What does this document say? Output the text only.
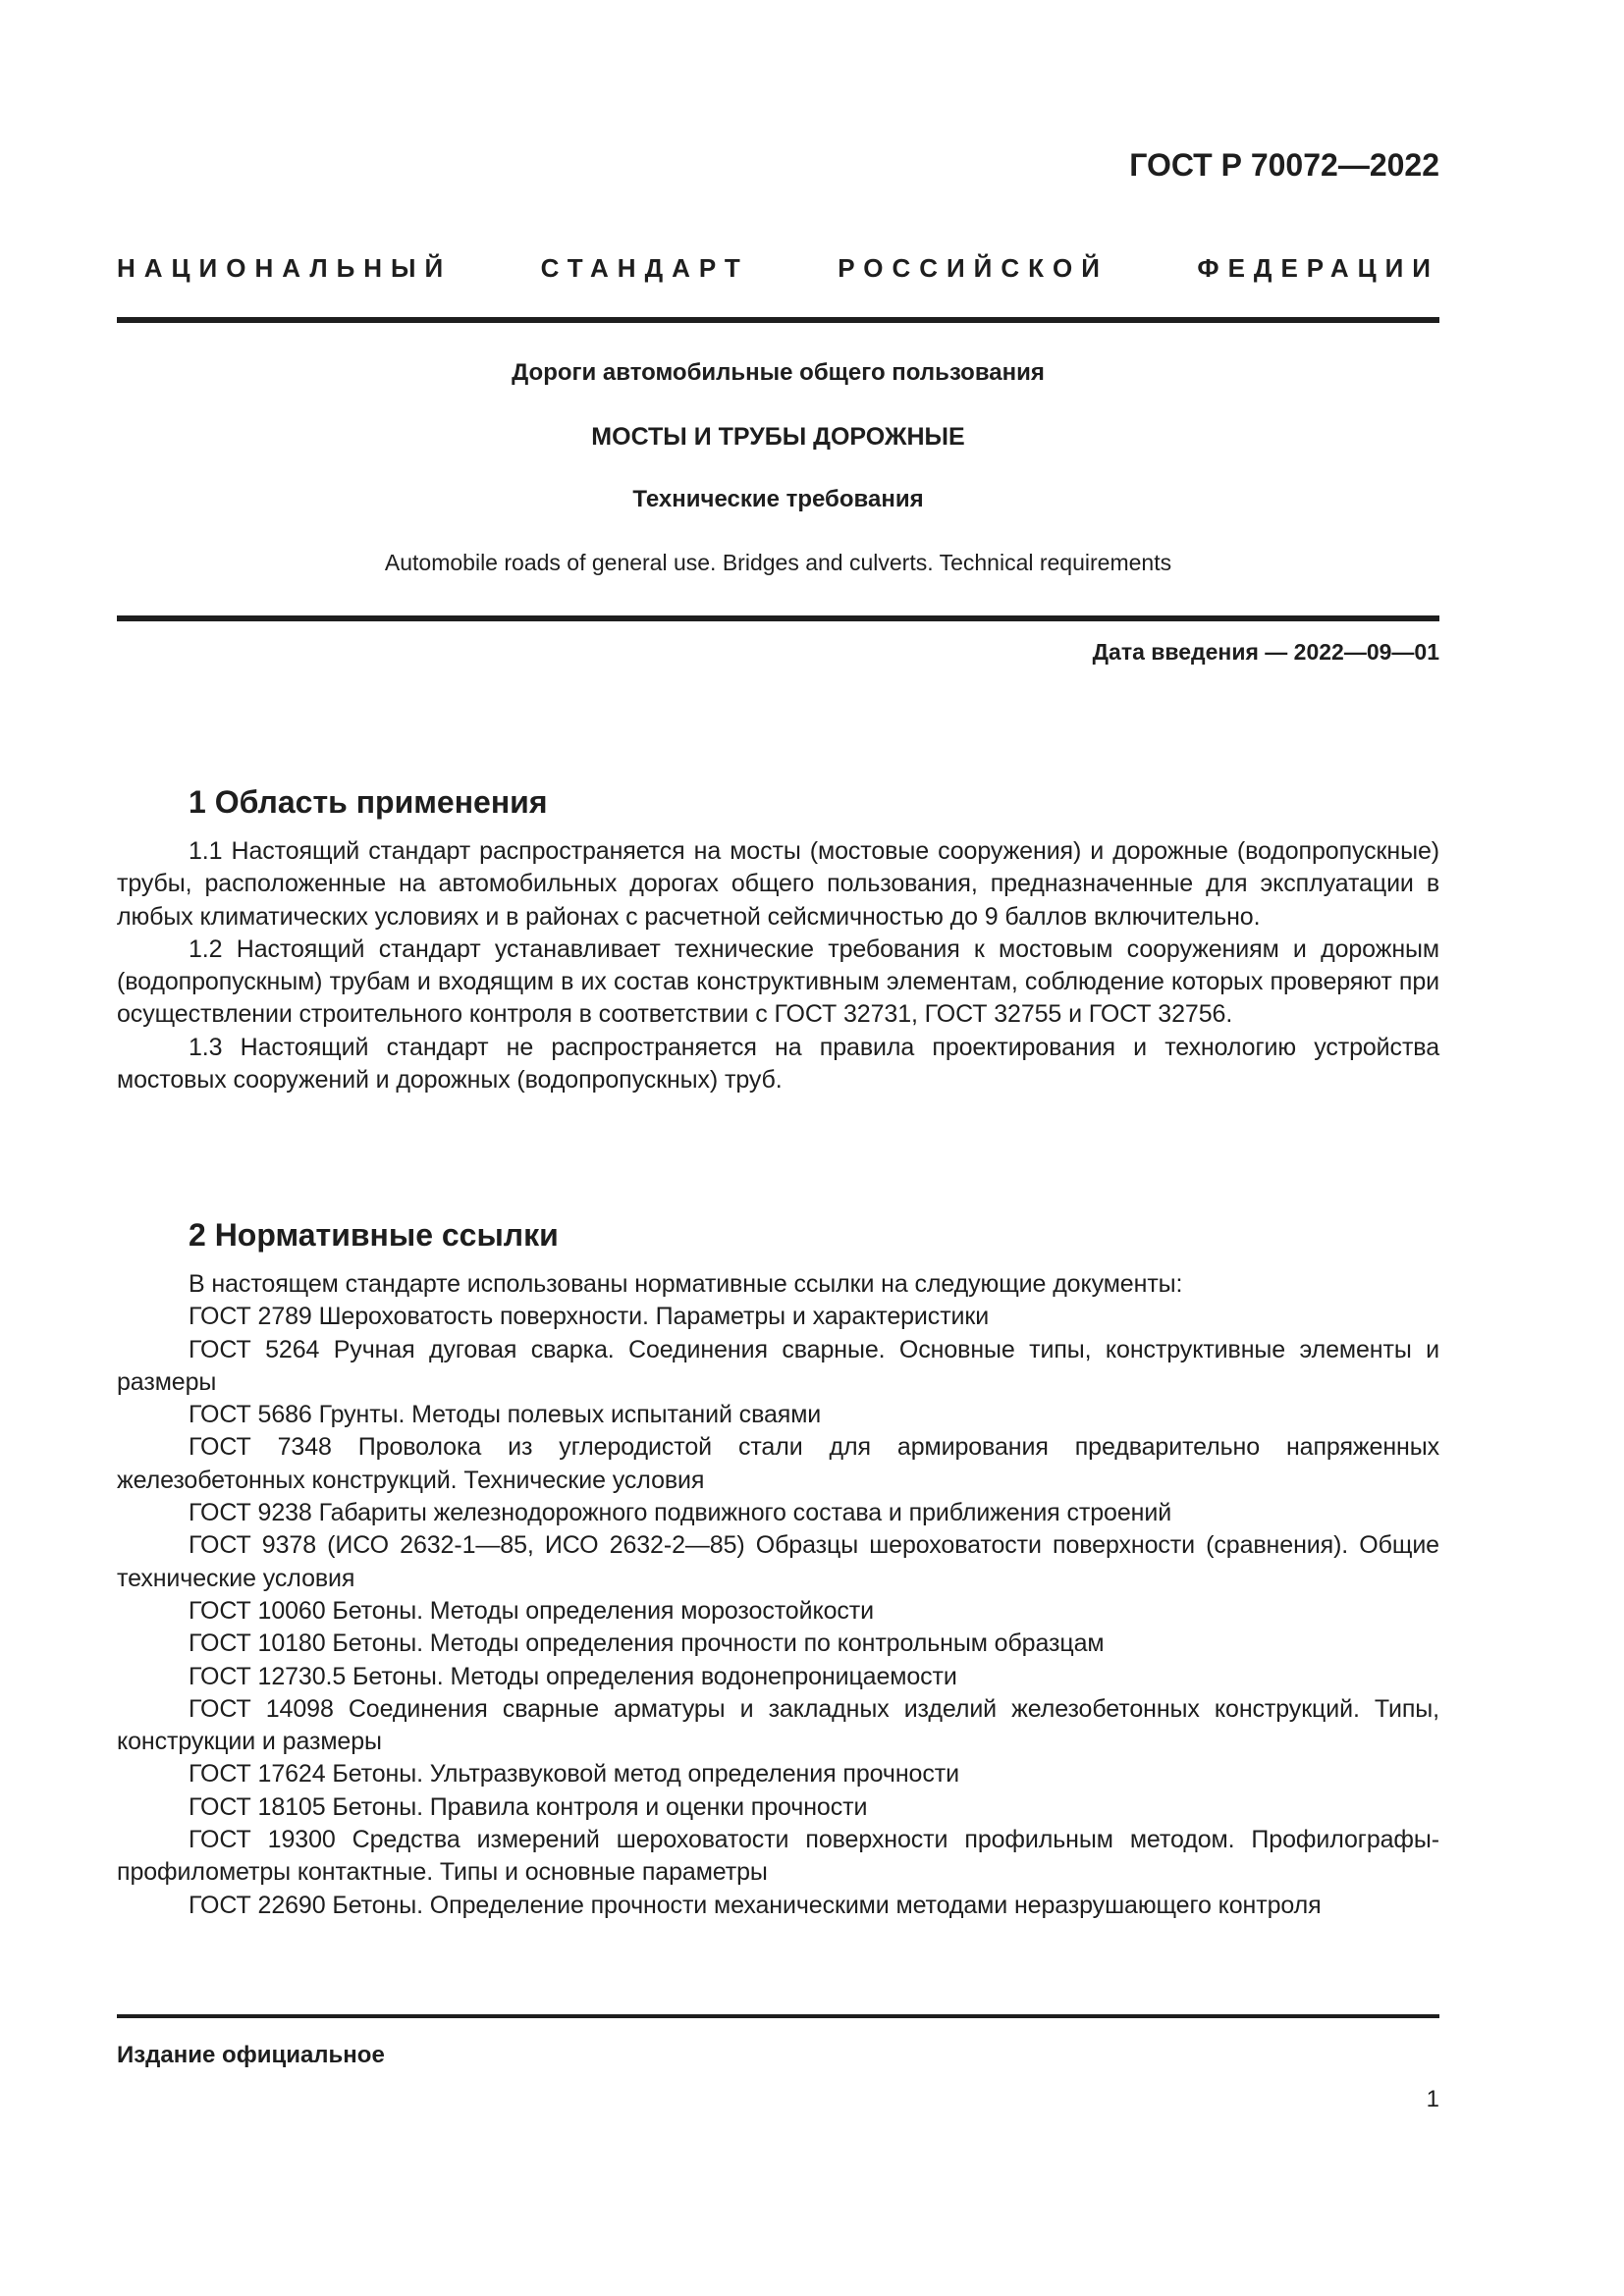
ГОСТ Р 70072—2022

НАЦИОНАЛЬНЫЙ СТАНДАРТ РОССИЙСКОЙ ФЕДЕРАЦИИ

Дороги автомобильные общего пользования

МОСТЫ И ТРУБЫ ДОРОЖНЫЕ

Технические требования

Automobile roads of general use. Bridges and culverts. Technical requirements

Дата введения — 2022—09—01

1 Область применения

1.1 Настоящий стандарт распространяется на мосты (мостовые сооружения) и дорожные (водопропускные) трубы, расположенные на автомобильных дорогах общего пользования, предназначенные для эксплуатации в любых климатических условиях и в районах с расчетной сейсмичностью до 9 баллов включительно.

1.2 Настоящий стандарт устанавливает технические требования к мостовым сооружениям и дорожным (водопропускным) трубам и входящим в их состав конструктивным элементам, соблюдение которых проверяют при осуществлении строительного контроля в соответствии с ГОСТ 32731, ГОСТ 32755 и ГОСТ 32756.

1.3 Настоящий стандарт не распространяется на правила проектирования и технологию устройства мостовых сооружений и дорожных (водопропускных) труб.

2 Нормативные ссылки

В настоящем стандарте использованы нормативные ссылки на следующие документы:

ГОСТ 2789 Шероховатость поверхности. Параметры и характеристики

ГОСТ 5264 Ручная дуговая сварка. Соединения сварные. Основные типы, конструктивные элементы и размеры

ГОСТ 5686 Грунты. Методы полевых испытаний сваями

ГОСТ 7348 Проволока из углеродистой стали для армирования предварительно напряженных железобетонных конструкций. Технические условия

ГОСТ 9238 Габариты железнодорожного подвижного состава и приближения строений

ГОСТ 9378 (ИСО 2632-1—85, ИСО 2632-2—85) Образцы шероховатости поверхности (сравнения). Общие технические условия

ГОСТ 10060 Бетоны. Методы определения морозостойкости

ГОСТ 10180 Бетоны. Методы определения прочности по контрольным образцам

ГОСТ 12730.5 Бетоны. Методы определения водонепроницаемости

ГОСТ 14098 Соединения сварные арматуры и закладных изделий железобетонных конструкций. Типы, конструкции и размеры

ГОСТ 17624 Бетоны. Ультразвуковой метод определения прочности

ГОСТ 18105 Бетоны. Правила контроля и оценки прочности

ГОСТ 19300 Средства измерений шероховатости поверхности профильным методом. Профилографы-профилометры контактные. Типы и основные параметры

ГОСТ 22690 Бетоны. Определение прочности механическими методами неразрушающего контроля

Издание официальное

1
